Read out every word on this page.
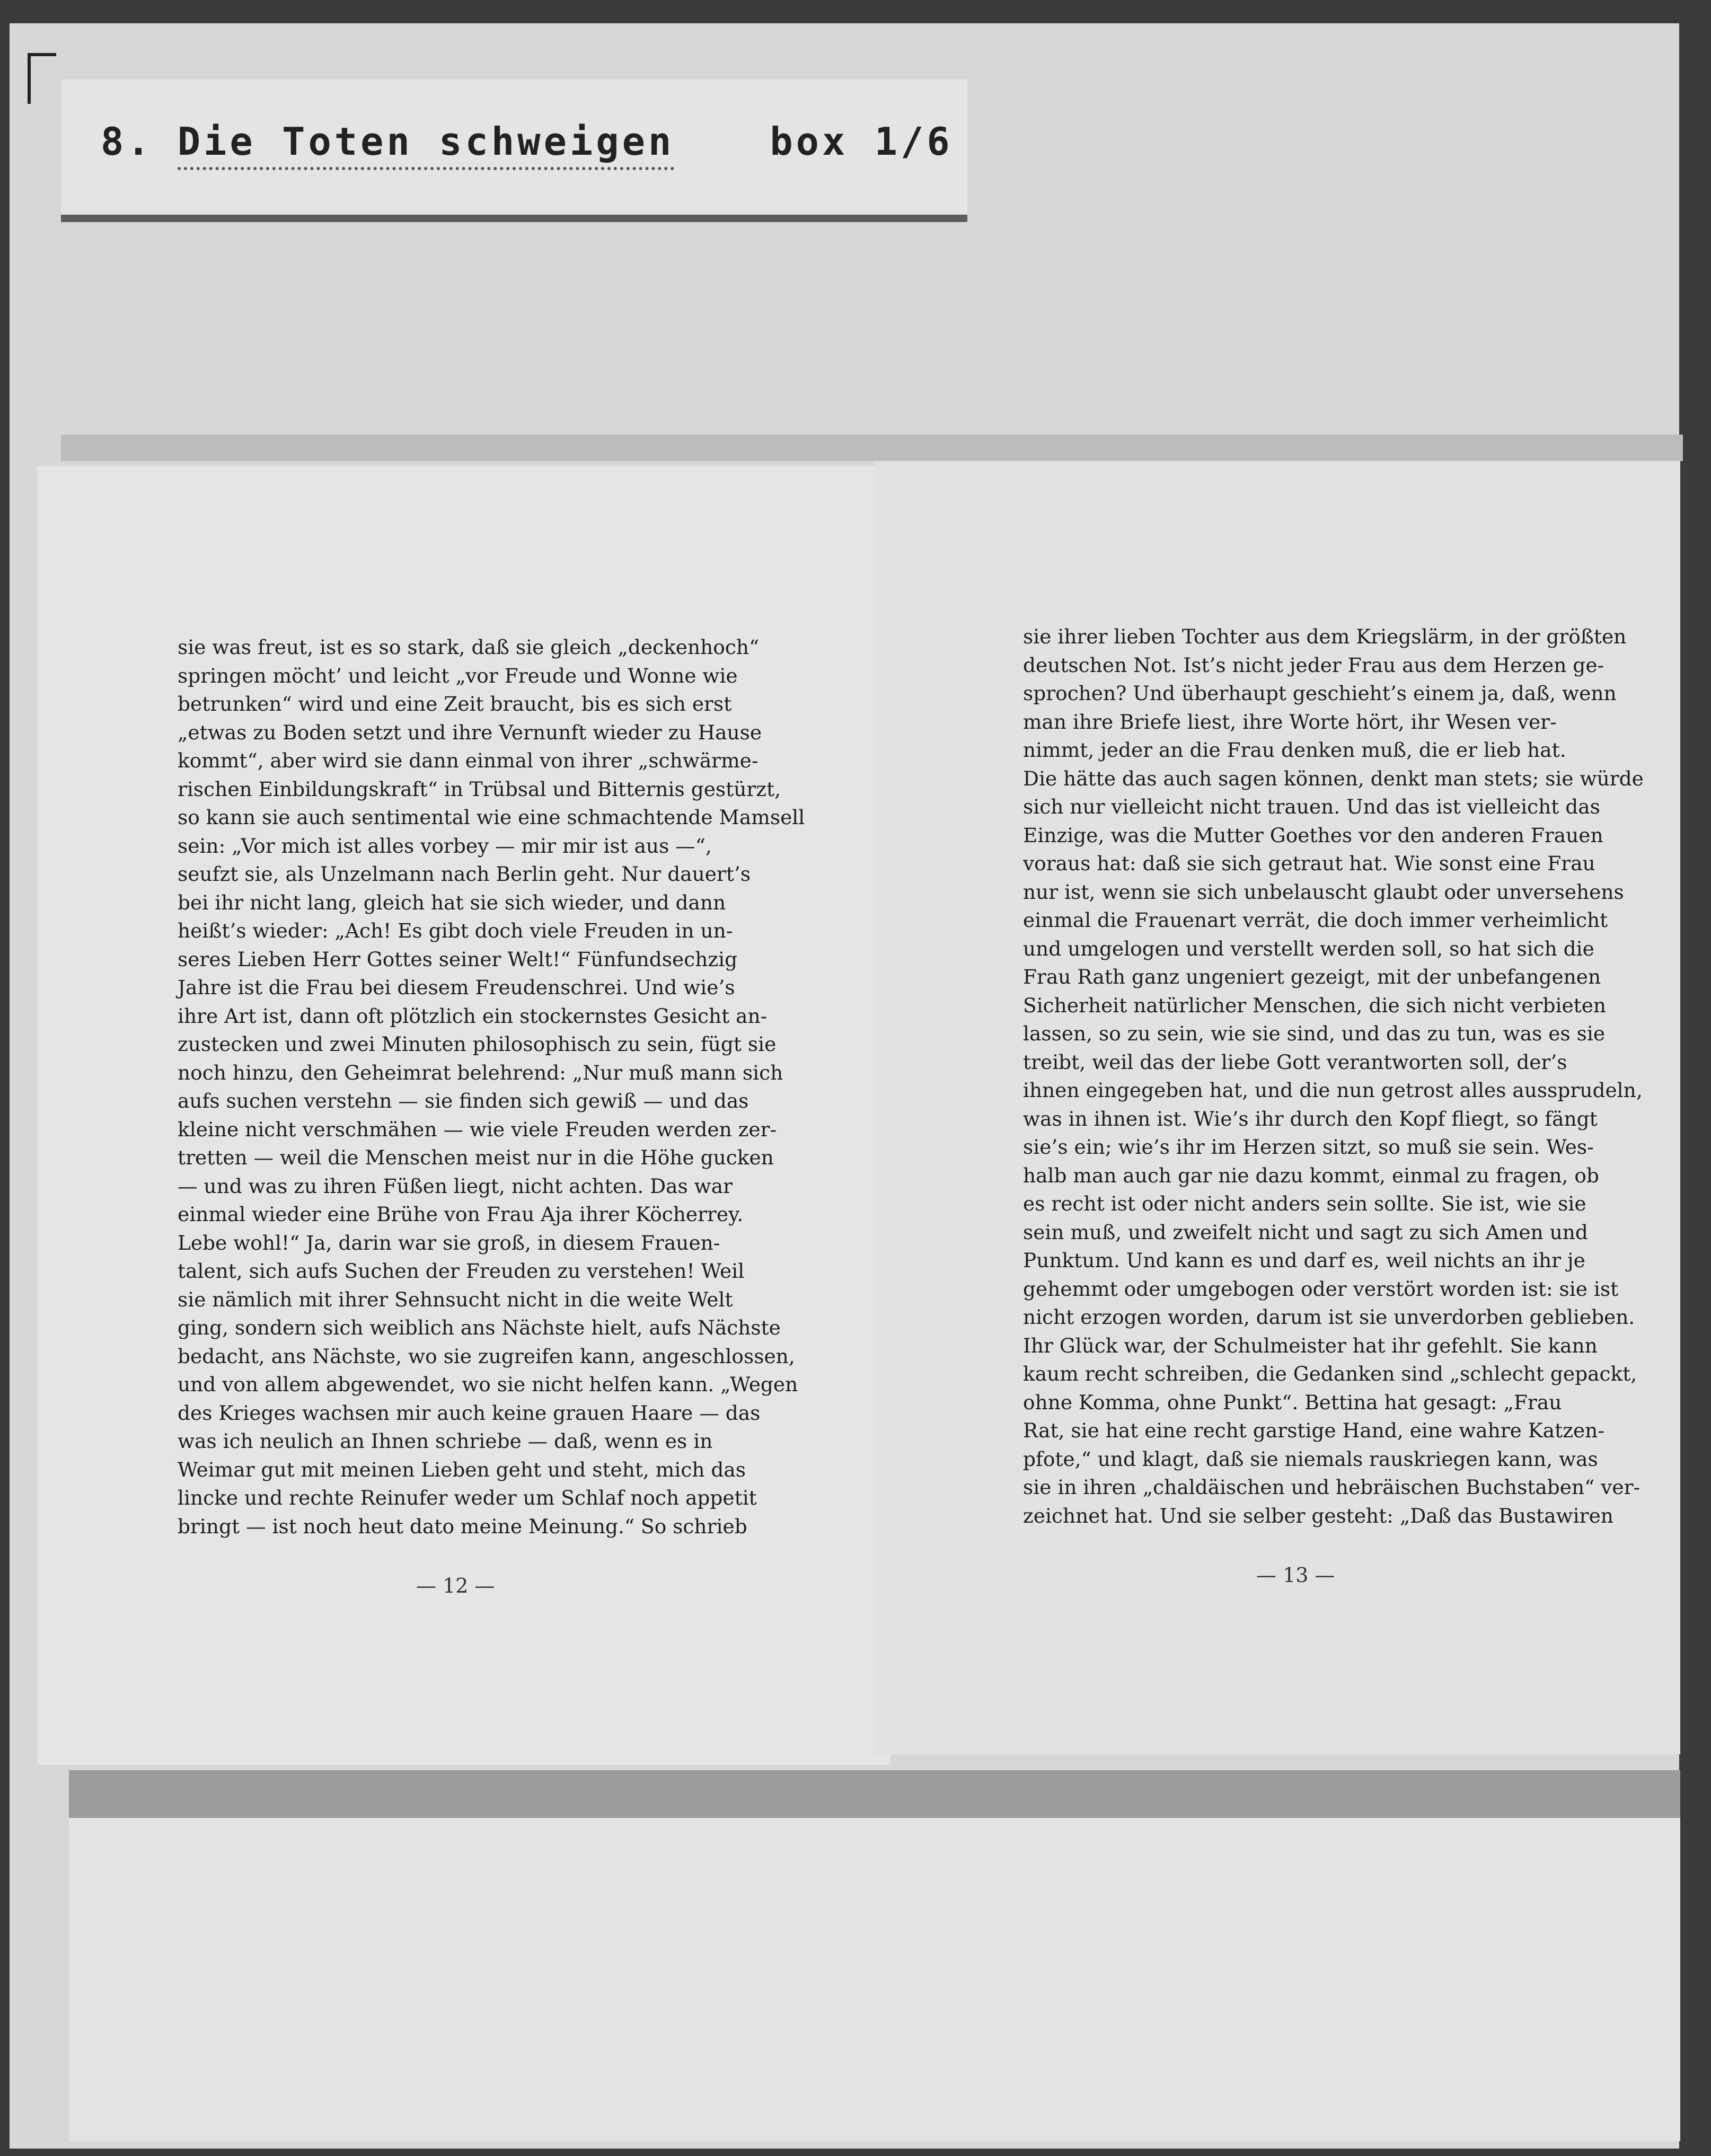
8. Die Toten schweigen	box 1/6
sie was freut, ist es so stark, daß sie gleich „deckenhoch“
springen möcht’ und leicht „vor Freude und Wonne wie
betrunken“ wird und eine Zeit braucht, bis es sich erst
„etwas zu Boden setzt und ihre Vernunft wieder zu Hause
kommt“, aber wird sie dann einmal von ihrer „schwärme-
rischen Einbildungskraft“ in Trübsal und Bitternis gestürzt,
so kann sie auch sentimental wie eine schmachtende Mamsell
sein: „Vor mich ist alles vorbey — mir mir ist aus —“,
seufzt sie, als Unzelmann nach Berlin geht. Nur dauert’s
bei ihr nicht lang, gleich hat sie sich wieder, und dann
heißt’s wieder: „Ach! Es gibt doch viele Freuden in un-
seres Lieben Herr Gottes seiner Welt!“ Fünfundsechzig
Jahre ist die Frau bei diesem Freudenschrei. Und wie’s
ihre Art ist, dann oft plötzlich ein stockernstes Gesicht an-
zustecken und zwei Minuten philosophisch zu sein, fügt sie
noch hinzu, den Geheimrat belehrend: „Nur muß mann sich
aufs suchen verstehn — sie finden sich gewiß — und das
kleine nicht verschmähen — wie viele Freuden werden zer-
tretten — weil die Menschen meist nur in die Höhe gucken
— und was zu ihren Füßen liegt, nicht achten. Das war
einmal wieder eine Brühe von Frau Aja ihrer Köcherrey.
Lebe wohl!“ Ja, darin war sie groß, in diesem Frauen-
talent, sich aufs Suchen der Freuden zu verstehen! Weil
sie nämlich mit ihrer Sehnsucht nicht in die weite Welt
ging, sondern sich weiblich ans Nächste hielt, aufs Nächste
bedacht, ans Nächste, wo sie zugreifen kann, angeschlossen,
und von allem abgewendet, wo sie nicht helfen kann. „Wegen
des Krieges wachsen mir auch keine grauen Haare — das
was ich neulich an Ihnen schriebe — daß, wenn es in
Weimar gut mit meinen Lieben geht und steht, mich das
lincke und rechte Reinufer weder um Schlaf noch appetit
bringt — ist noch heut dato meine Meinung.“ So schrieb
— 12 —
sie ihrer lieben Tochter aus dem Kriegslärm, in der größten
deutschen Not. Ist’s nicht jeder Frau aus dem Herzen ge-
sprochen? Und überhaupt geschieht’s einem ja, daß, wenn
man ihre Briefe liest, ihre Worte hört, ihr Wesen ver-
nimmt, jeder an die Frau denken muß, die er lieb hat.
Die hätte das auch sagen können, denkt man stets; sie würde
sich nur vielleicht nicht trauen. Und das ist vielleicht das
Einzige, was die Mutter Goethes vor den anderen Frauen
voraus hat: daß sie sich getraut hat. Wie sonst eine Frau
nur ist, wenn sie sich unbelauscht glaubt oder unversehens
einmal die Frauenart verrät, die doch immer verheimlicht
und umgelogen und verstellt werden soll, so hat sich die
Frau Rath ganz ungeniert gezeigt, mit der unbefangenen
Sicherheit natürlicher Menschen, die sich nicht verbieten
lassen, so zu sein, wie sie sind, und das zu tun, was es sie
treibt, weil das der liebe Gott verantworten soll, der’s
ihnen eingegeben hat, und die nun getrost alles aussprudeln,
was in ihnen ist. Wie’s ihr durch den Kopf fliegt, so fängt
sie’s ein; wie’s ihr im Herzen sitzt, so muß sie sein. Wes-
halb man auch gar nie dazu kommt, einmal zu fragen, ob
es recht ist oder nicht anders sein sollte. Sie ist, wie sie
sein muß, und zweifelt nicht und sagt zu sich Amen und
Punktum. Und kann es und darf es, weil nichts an ihr je
gehemmt oder umgebogen oder verstört worden ist: sie ist
nicht erzogen worden, darum ist sie unverdorben geblieben.
Ihr Glück war, der Schulmeister hat ihr gefehlt. Sie kann
kaum recht schreiben, die Gedanken sind „schlecht gepackt,
ohne Komma, ohne Punkt“. Bettina hat gesagt: „Frau
Rat, sie hat eine recht garstige Hand, eine wahre Katzen-
pfote,“ und klagt, daß sie niemals rauskriegen kann, was
sie in ihren „chaldäischen und hebräischen Buchstaben“ ver-
zeichnet hat. Und sie selber gesteht: „Daß das Bustawiren
— 13 —
